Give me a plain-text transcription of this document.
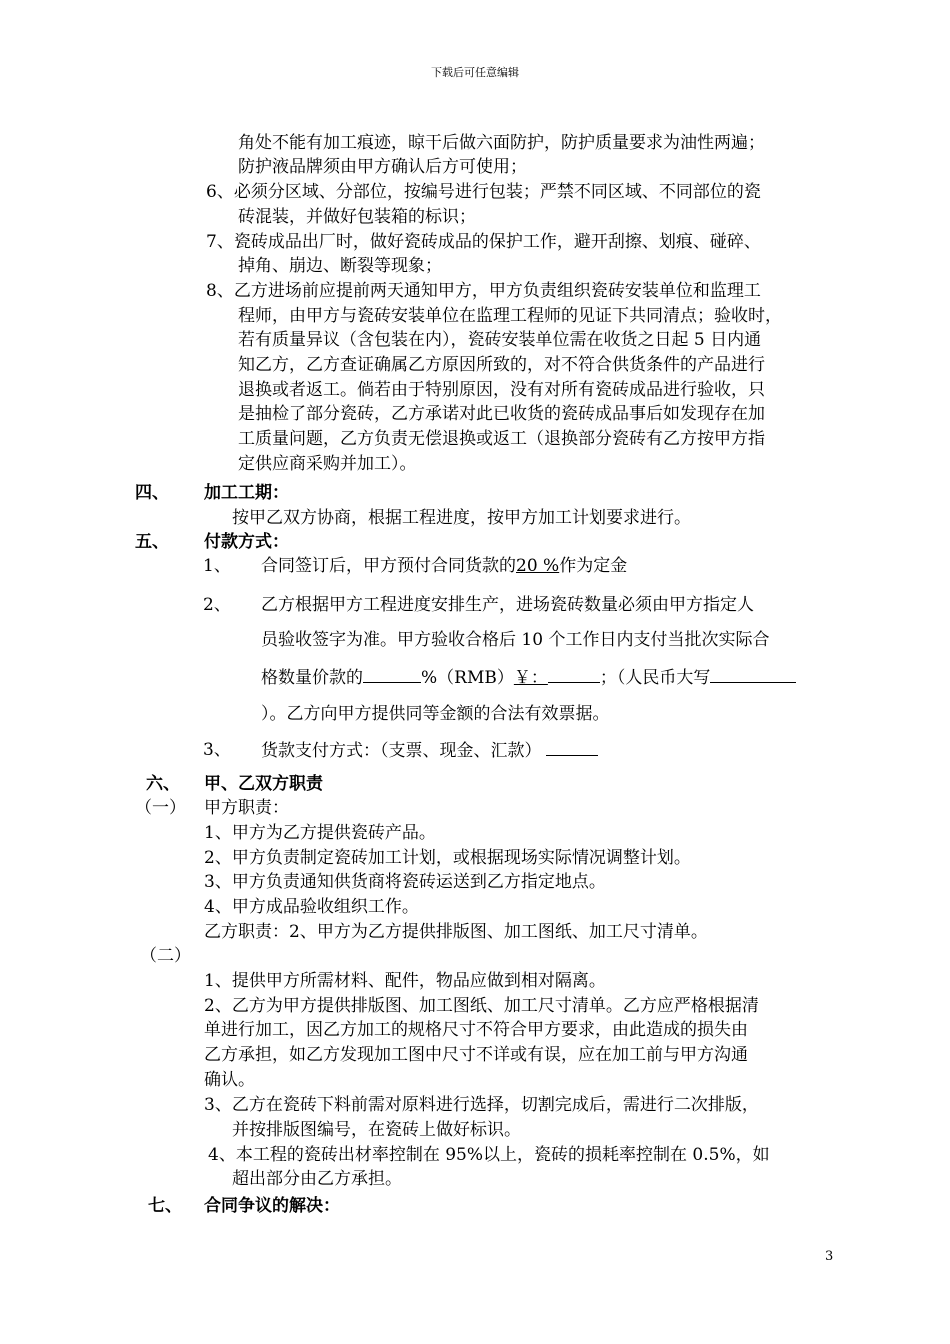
下载后可任意编辑
角处不能有加工痕迹，晾干后做六面防护，防护质量要求为油性两遍；
防护液品牌须由甲方确认后方可使用；
6、必须分区域、分部位，按编号进行包装；严禁不同区域、不同部位的瓷
砖混装，并做好包装箱的标识；
7、瓷砖成品出厂时，做好瓷砖成品的保护工作，避开刮擦、划痕、碰碎、
掉角、崩边、断裂等现象；
8、乙方进场前应提前两天通知甲方，甲方负责组织瓷砖安装单位和监理工
程师，由甲方与瓷砖安装单位在监理工程师的见证下共同清点；验收时，
若有质量异议（含包装在内），瓷砖安装单位需在收货之日起 5 日内通
知乙方，乙方查证确属乙方原因所致的，对不符合供货条件的产品进行
退换或者返工。倘若由于特别原因，没有对所有瓷砖成品进行验收，只
是抽检了部分瓷砖，乙方承诺对此已收货的瓷砖成品事后如发现存在加
工质量问题，乙方负责无偿退换或返工（退换部分瓷砖有乙方按甲方指
定供应商采购并加工）。
四、 加工工期：
按甲乙双方协商，根据工程进度，按甲方加工计划要求进行。
五、 付款方式：
1、 合同签订后，甲方预付合同货款的20 %作为定金
2、 乙方根据甲方工程进度安排生产，进场瓷砖数量必须由甲方指定人
员验收签字为准。甲方验收合格后 10 个工作日内支付当批次实际合
格数量价款的	%（RMB）￥：	；（人民币大写
）。乙方向甲方提供同等金额的合法有效票据。
3、 货款支付方式：（支票、现金、汇款）
六、 甲、乙双方职责
（一） 甲方职责：
1、甲方为乙方提供瓷砖产品。
2、甲方负责制定瓷砖加工计划，或根据现场实际情况调整计划。
3、甲方负责通知供货商将瓷砖运送到乙方指定地点。
4、甲方成品验收组织工作。
乙方职责：2、甲方为乙方提供排版图、加工图纸、加工尺寸清单。
（二）
1、提供甲方所需材料、配件，物品应做到相对隔离。
2、乙方为甲方提供排版图、加工图纸、加工尺寸清单。乙方应严格根据清
单进行加工，因乙方加工的规格尺寸不符合甲方要求，由此造成的损失由
乙方承担，如乙方发现加工图中尺寸不详或有误，应在加工前与甲方沟通
确认。
3、乙方在瓷砖下料前需对原料进行选择，切割完成后，需进行二次排版，
并按排版图编号，在瓷砖上做好标识。
4、本工程的瓷砖出材率控制在 95%以上，瓷砖的损耗率控制在 0.5%，如
超出部分由乙方承担。
七、 合同争议的解决：
3
